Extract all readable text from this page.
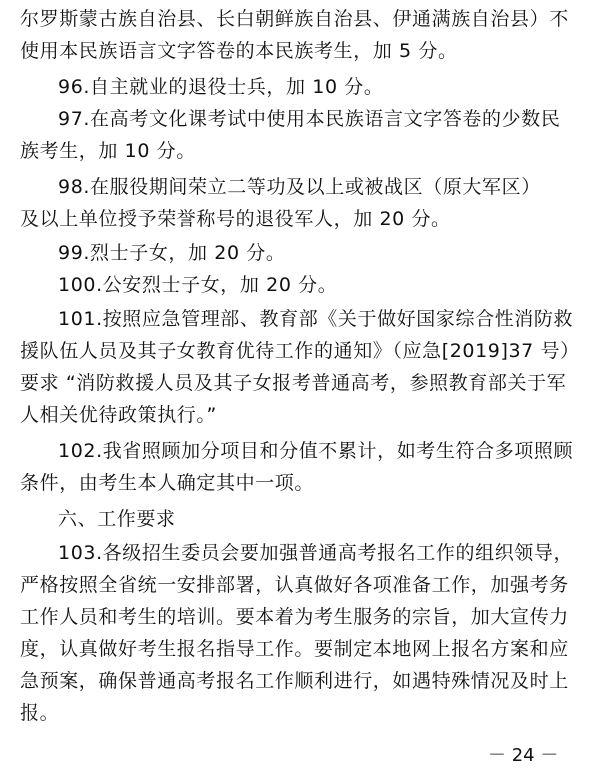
尔罗斯蒙古族自治县、长白朝鲜族自治县、伊通满族自治县）不
使用本民族语言文字答卷的本民族考生，加 5 分。
96.自主就业的退役士兵，加 10 分。
97.在高考文化课考试中使用本民族语言文字答卷的少数民
族考生，加 10 分。
98.在服役期间荣立二等功及以上或被战区（原大军区）
及以上单位授予荣誉称号的退役军人，加 20 分。
99.烈士子女，加 20 分。
100.公安烈士子女，加 20 分。
101.按照应急管理部、教育部《关于做好国家综合性消防救
援队伍人员及其子女教育优待工作的通知》（应急[2019]37 号）
要求 “消防救援人员及其子女报考普通高考，参照教育部关于军
人相关优待政策执行。”
102.我省照顾加分项目和分值不累计，如考生符合多项照顾
条件，由考生本人确定其中一项。
六、工作要求
103.各级招生委员会要加强普通高考报名工作的组织领导，
严格按照全省统一安排部署，认真做好各项准备工作，加强考务
工作人员和考生的培训。要本着为考生服务的宗旨，加大宣传力
度，认真做好考生报名指导工作。要制定本地网上报名方案和应
急预案，确保普通高考报名工作顺利进行，如遇特殊情况及时上
报。
－ 24 －
